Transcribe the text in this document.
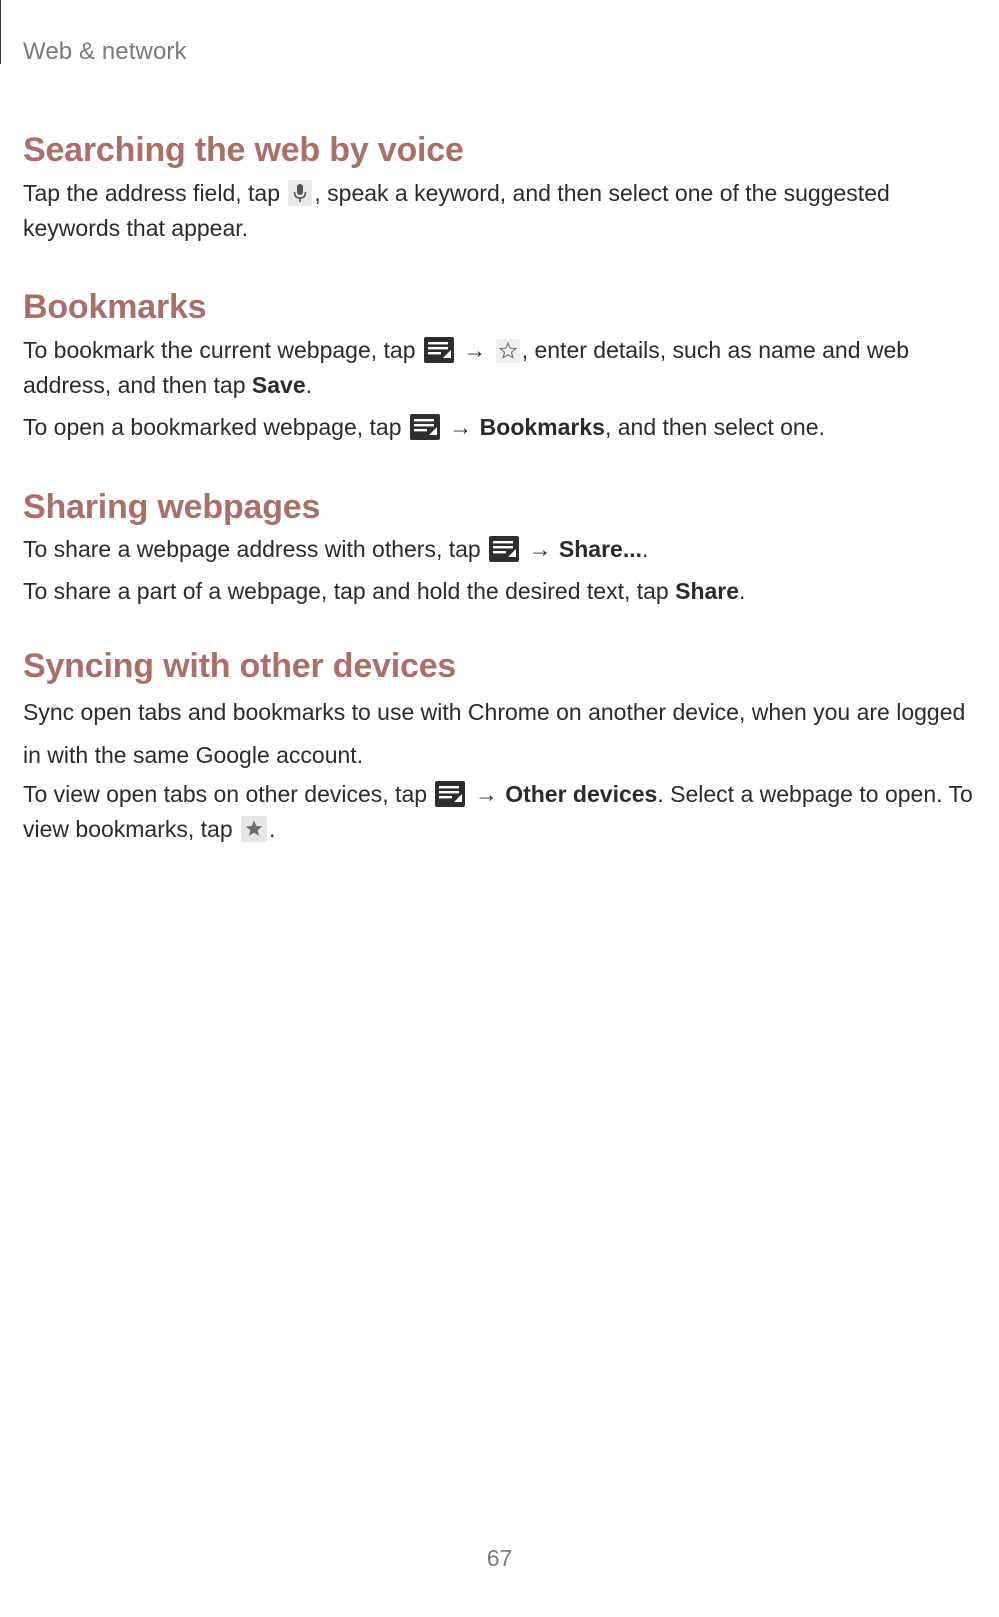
Web & network
Searching the web by voice

Tap the address field, tap
, speak a keyword, and then select one of the suggested keywords that appear.

Bookmarks

To bookmark the current webpage, tap
→ , enter details, such as name and web address, and then tap Save.

To open a bookmarked webpage, tap
→ Bookmarks, and then select one.

Sharing webpages

To share a webpage address with others, tap
→ Share....

To share a part of a webpage, tap and hold the desired text, tap Share.

Syncing with other devices

Sync open tabs and bookmarks to use with Chrome on another device, when you are logged in with the same Google account.

To view open tabs on other devices, tap
→ Other devices. Select a webpage to open. To view bookmarks, tap
.

67
